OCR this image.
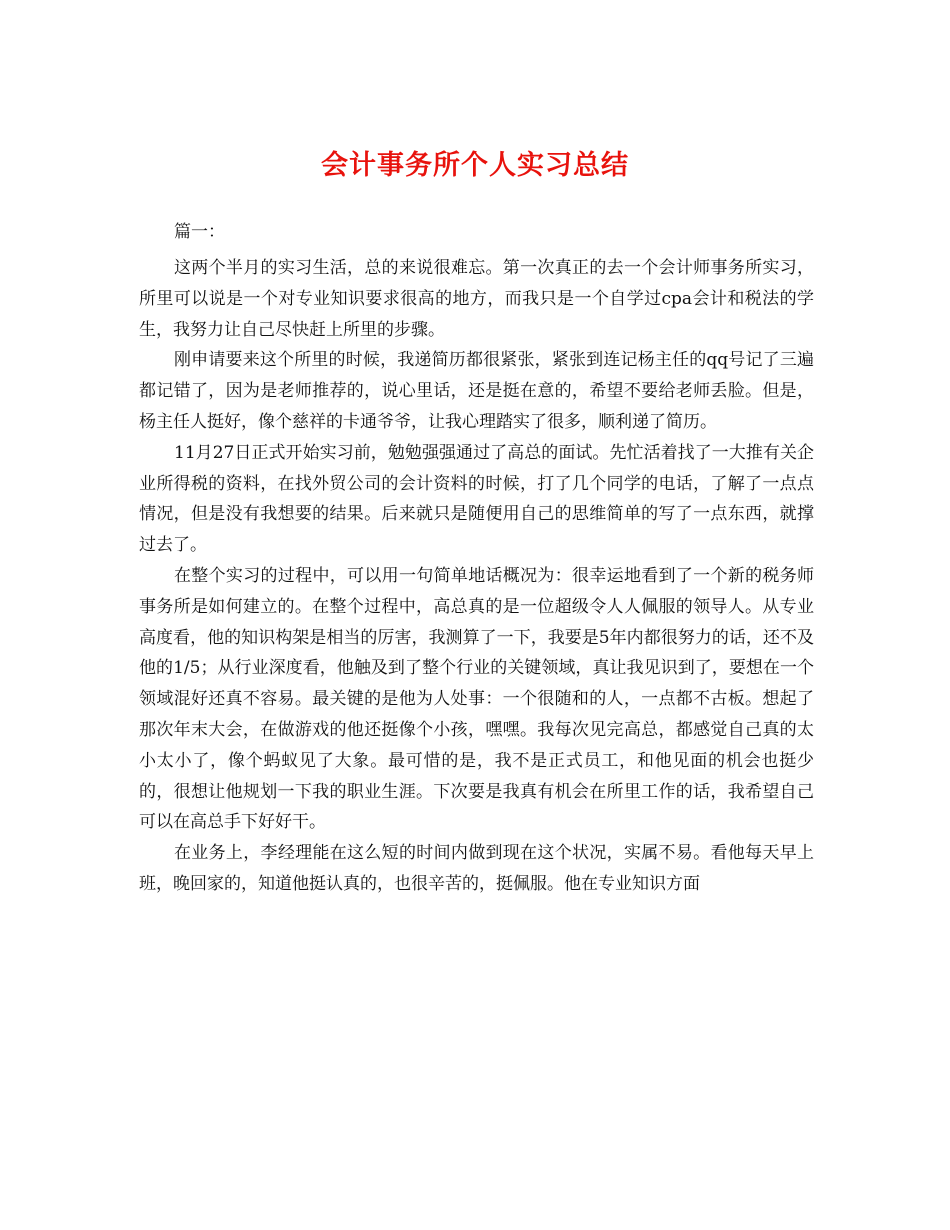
会计事务所个人实习总结

篇一：

这两个半月的实习生活，总的来说很难忘。第一次真正的去一个会计师事务所实习，所里可以说是一个对专业知识要求很高的地方，而我只是一个自学过cpa会计和税法的学生，我努力让自己尽快赶上所里的步骤。

刚申请要来这个所里的时候，我递简历都很紧张，紧张到连记杨主任的qq号记了三遍都记错了，因为是老师推荐的，说心里话，还是挺在意的，希望不要给老师丢脸。但是，杨主任人挺好，像个慈祥的卡通爷爷，让我心理踏实了很多，顺利递了简历。

11月27日正式开始实习前，勉勉强强通过了高总的面试。先忙活着找了一大推有关企业所得税的资料，在找外贸公司的会计资料的时候，打了几个同学的电话，了解了一点点情况，但是没有我想要的结果。后来就只是随便用自己的思维简单的写了一点东西，就撑过去了。

在整个实习的过程中，可以用一句简单地话概况为：很幸运地看到了一个新的税务师事务所是如何建立的。在整个过程中，高总真的是一位超级令人人佩服的领导人。从专业高度看，他的知识构架是相当的厉害，我测算了一下，我要是5年内都很努力的话，还不及他的1/5；从行业深度看，他触及到了整个行业的关键领域，真让我见识到了，要想在一个领域混好还真不容易。最关键的是他为人处事：一个很随和的人，一点都不古板。想起了那次年末大会，在做游戏的他还挺像个小孩，嘿嘿。我每次见完高总，都感觉自己真的太小太小了，像个蚂蚁见了大象。最可惜的是，我不是正式员工，和他见面的机会也挺少的，很想让他规划一下我的职业生涯。下次要是我真有机会在所里工作的话，我希望自己可以在高总手下好好干。

在业务上，李经理能在这么短的时间内做到现在这个状况，实属不易。看他每天早上班，晚回家的，知道他挺认真的，也很辛苦的，挺佩服。他在专业知识方面
